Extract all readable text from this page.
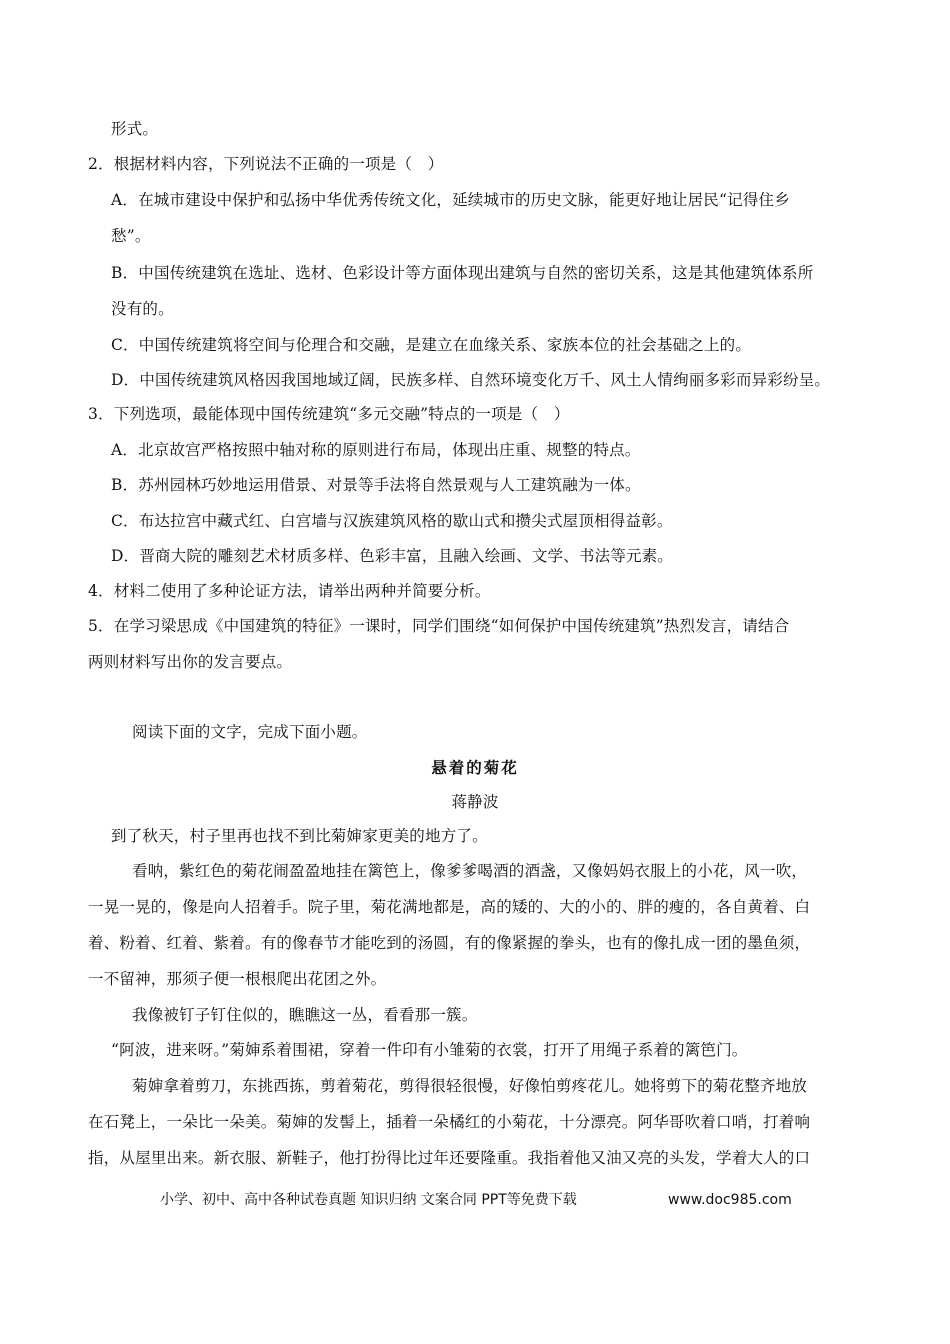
形式。
2．根据材料内容，下列说法不正确的一项是（　）
A．在城市建设中保护和弘扬中华优秀传统文化，延续城市的历史文脉，能更好地让居民“记得住乡
愁”。
B．中国传统建筑在选址、选材、色彩设计等方面体现出建筑与自然的密切关系，这是其他建筑体系所
没有的。
C．中国传统建筑将空间与伦理合和交融，是建立在血缘关系、家族本位的社会基础之上的。
D．中国传统建筑风格因我国地域辽阔，民族多样、自然环境变化万千、风土人情绚丽多彩而异彩纷呈。
3．下列选项，最能体现中国传统建筑“多元交融”特点的一项是（　）
A．北京故宫严格按照中轴对称的原则进行布局，体现出庄重、规整的特点。
B．苏州园林巧妙地运用借景、对景等手法将自然景观与人工建筑融为一体。
C．布达拉宫中藏式红、白宫墙与汉族建筑风格的歇山式和攒尖式屋顶相得益彰。
D．晋商大院的雕刻艺术材质多样、色彩丰富，且融入绘画、文学、书法等元素。
4．材料二使用了多种论证方法，请举出两种并简要分析。
5．在学习梁思成《中国建筑的特征》一课时，同学们围绕“如何保护中国传统建筑”热烈发言，请结合
两则材料写出你的发言要点。
阅读下面的文字，完成下面小题。
悬着的菊花
蒋静波
到了秋天，村子里再也找不到比菊婶家更美的地方了。
看呐，紫红色的菊花闹盈盈地挂在篱笆上，像爹爹喝酒的酒盏，又像妈妈衣服上的小花，风一吹，
一晃一晃的，像是向人招着手。院子里，菊花满地都是，高的矮的、大的小的、胖的瘦的，各自黄着、白
着、粉着、红着、紫着。有的像春节才能吃到的汤圆，有的像紧握的拳头，也有的像扎成一团的墨鱼须，
一不留神，那须子便一根根爬出花团之外。
我像被钉子钉住似的，瞧瞧这一丛，看看那一簇。
“阿波，进来呀。”菊婶系着围裙，穿着一件印有小雏菊的衣裳，打开了用绳子系着的篱笆门。
菊婶拿着剪刀，东挑西拣，剪着菊花，剪得很轻很慢，好像怕剪疼花儿。她将剪下的菊花整齐地放
在石凳上，一朵比一朵美。菊婶的发髻上，插着一朵橘红的小菊花，十分漂亮。阿华哥吹着口哨，打着响
指，从屋里出来。新衣服、新鞋子，他打扮得比过年还要隆重。我指着他又油又亮的头发，学着大人的口
小学、初中、高中各种试卷真题 知识归纳 文案合同 PPT等免费下载	www.doc985.com
